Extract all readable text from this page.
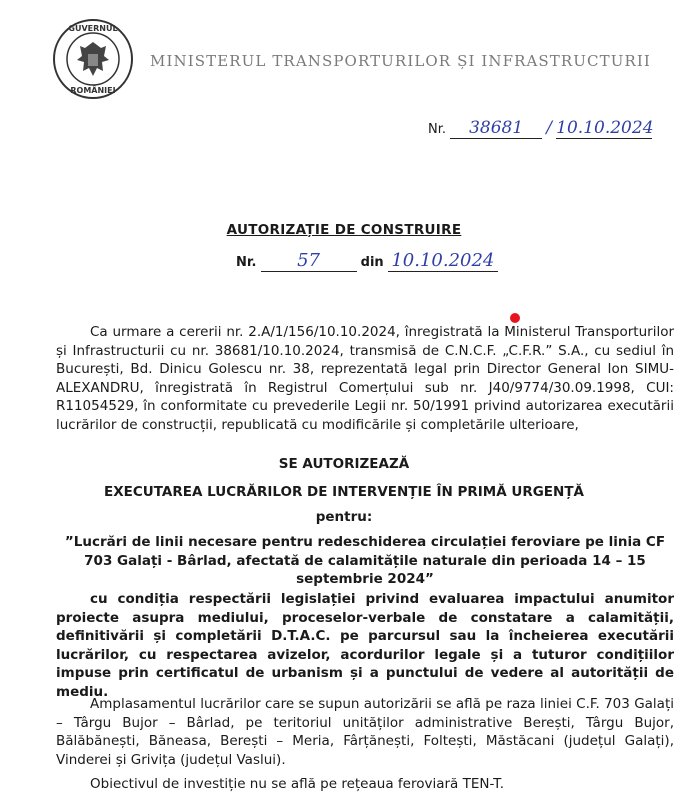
GUVERNUL
ROMÂNIEI
MINISTERUL TRANSPORTURILOR ȘI INFRASTRUCTURII
Nr. 38681 / 10.10.2024
AUTORIZAȚIE DE CONSTRUIRE
Nr. 57	din 10.10.2024
Ca urmare a cererii nr. 2.A/1/156/10.10.2024, înregistrată la Ministerul Transporturilor și Infrastructurii cu nr. 38681/10.10.2024, transmisă de C.N.C.F. „C.F.R.” S.A., cu sediul în București, Bd. Dinicu Golescu nr. 38, reprezentată legal prin Director General Ion SIMU-ALEXANDRU, înregistrată în Registrul Comerțului sub nr. J40/9774/30.09.1998, CUI: R11054529, în conformitate cu prevederile Legii nr. 50/1991 privind autorizarea executării lucrărilor de construcții, republicată cu modificările și completările ulterioare,
SE AUTORIZEAZĂ
EXECUTAREA LUCRĂRILOR DE INTERVENȚIE ÎN PRIMĂ URGENȚĂ
pentru:
”Lucrări de linii necesare pentru redeschiderea circulației feroviare pe linia CF 703 Galați - Bârlad, afectată de calamitățile naturale din perioada 14 – 15 septembrie 2024”
cu condiția respectării legislației privind evaluarea impactului anumitor proiecte asupra mediului, proceselor-verbale de constatare a calamității, definitivării și completării D.T.A.C. pe parcursul sau la încheierea executării lucrărilor, cu respectarea avizelor, acordurilor legale și a tuturor condițiilor impuse prin certificatul de urbanism și a punctului de vedere al autorității de mediu.
Amplasamentul lucrărilor care se supun autorizării se află pe raza liniei C.F. 703 Galați – Târgu Bujor – Bârlad, pe teritoriul unităților administrative Berești, Târgu Bujor, Bălăbănești, Băneasa, Berești – Meria, Fârțănești, Foltești, Măstăcani (județul Galați), Vinderei și Grivița (județul Vaslui).
Obiectivul de investiție nu se află pe rețeaua feroviară TEN-T.
